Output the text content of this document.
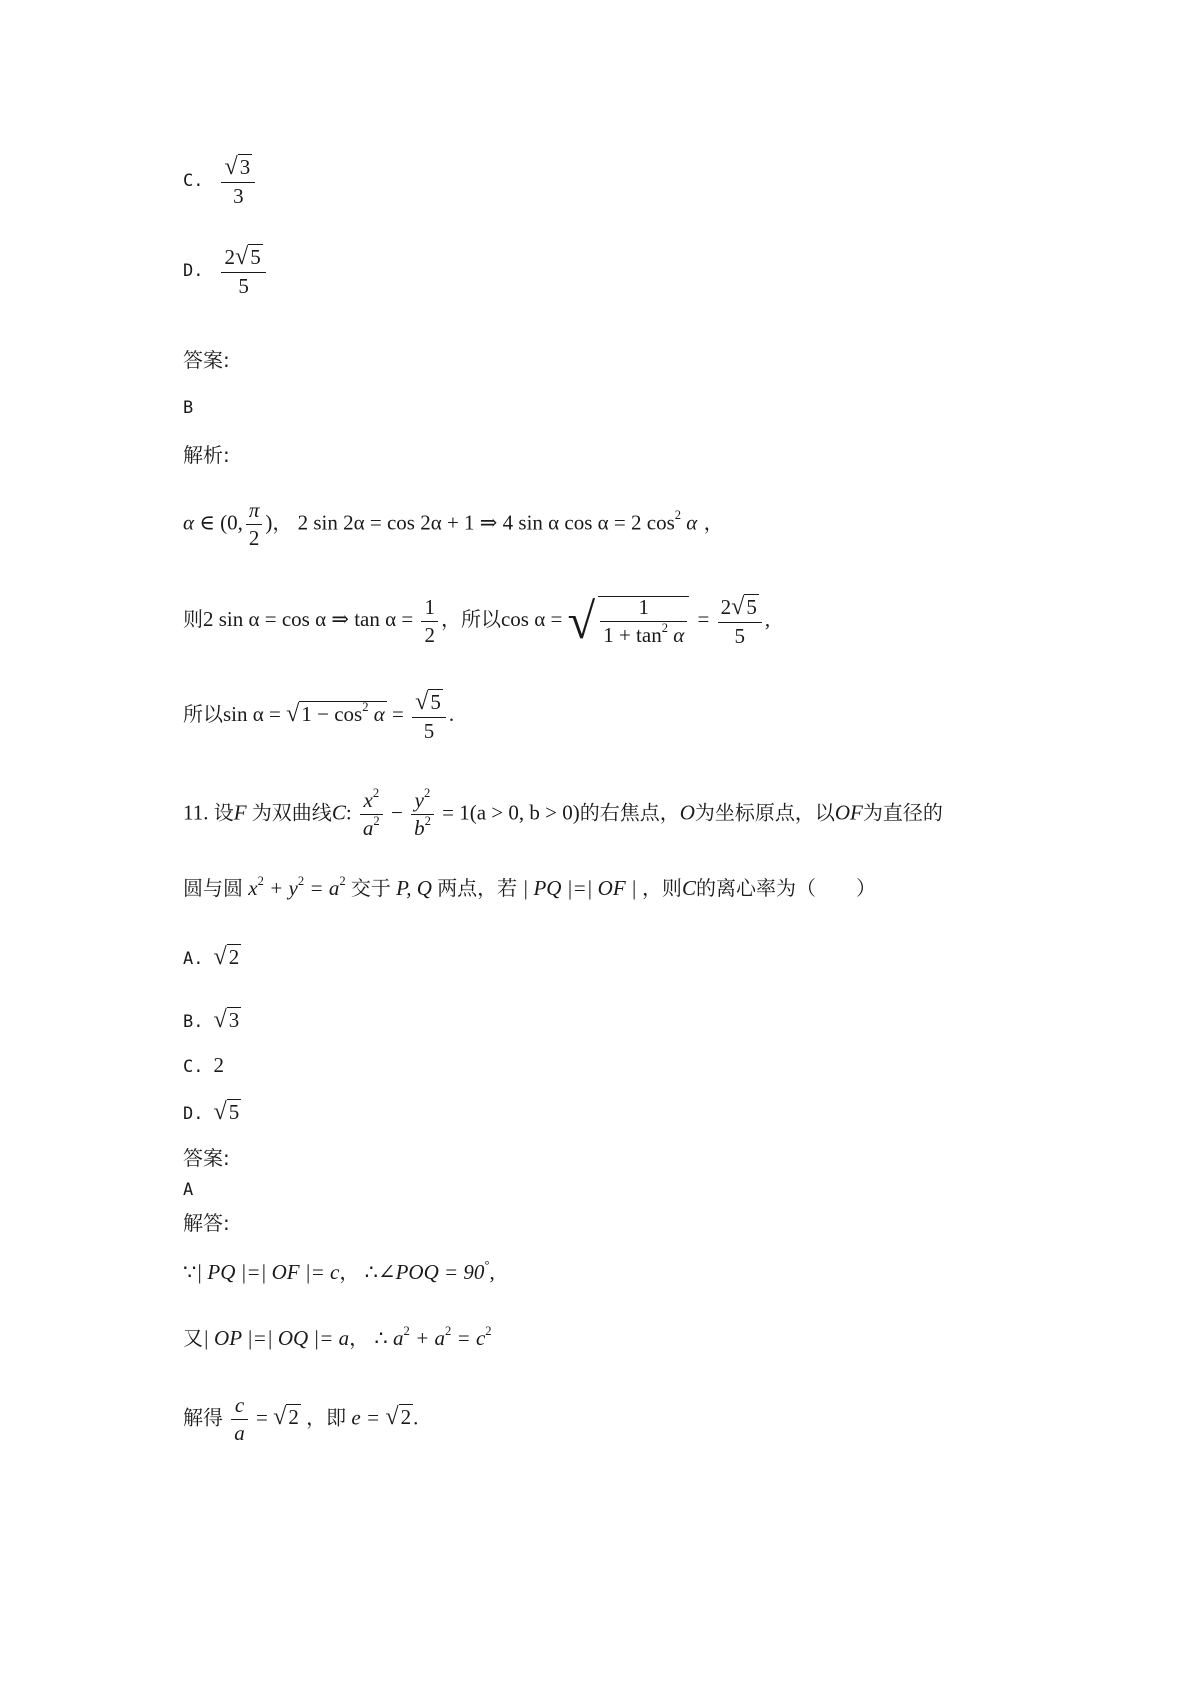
C. $\frac{√3}{3}$
D. $\frac{2√5}{5}$
答案:
B
解析:
α ∈ (0, $\frac{\pi}{2}$ )， 2 sin 2α = cos 2α + 1 ⇒ 4 sin α cos α = 2 $\cos^2 \alpha$ ，
则2 sin α = cos α ⇒ $\tan \alpha = \frac{1}{2}$ ，所以cos α = √ $\frac{1}{1 + \tan^2 \alpha} = \frac{2√5}{5}$ ,
所以$\sin \alpha = √1 - \cos^2 \alpha = \frac{√5}{5}$ .
11. 设F 为双曲线C: $\frac{x^2}{a^2} - \frac{y^2}{b^2} = 1(a > 0$, b > 0)的右焦点，O为坐标原点，以OF为直径的
圆与圆 $x^2 + y^2 = a^2$ 交于 P, Q 两点，若 | PQ |=| OF | ，则C的离心率为（　　）
A. √2
B. √3
C. 2
D. √5
答案:
A
解答:
∵| PQ |=| OF |= c， ∴∠POQ = 90°,
又| OP |=| OQ |= a， ∴ $a^2 + a^2 = c^2$
解得 $\frac{c}{a} = √2$ ，即 e = √2.
